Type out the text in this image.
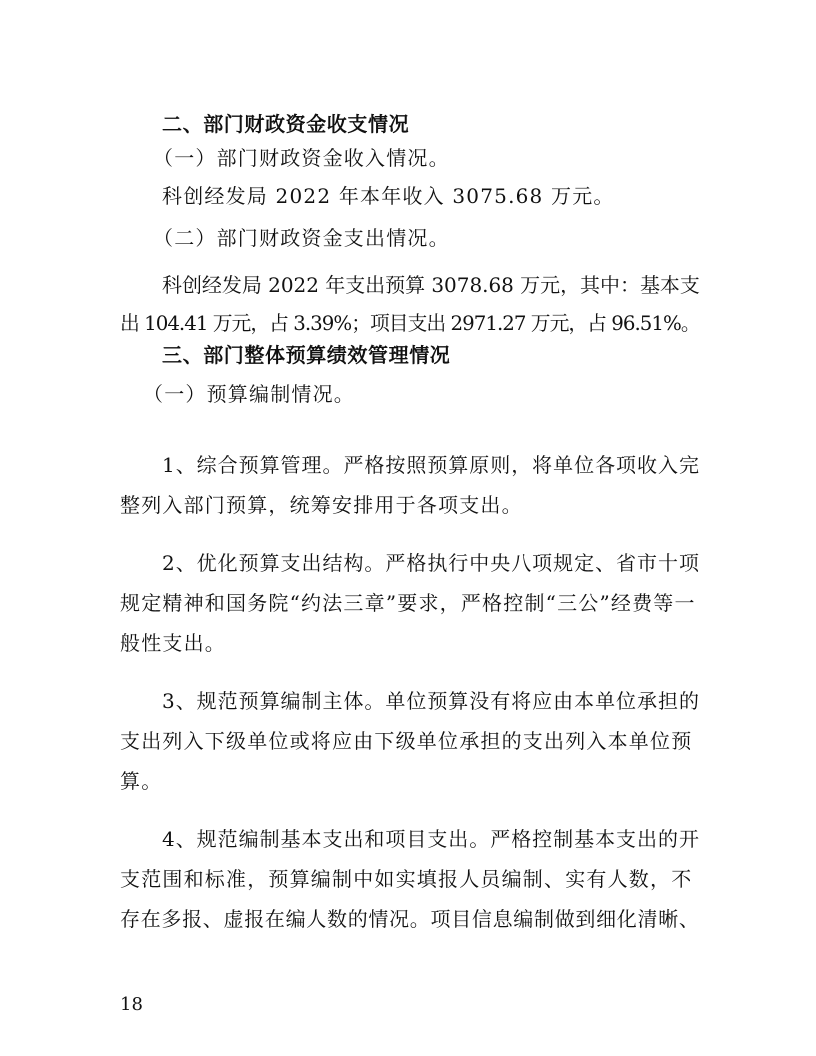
二、部门财政资金收支情况

（一）部门财政资金收入情况。

科创经发局 2022 年本年收入 3075.68 万元。

（二）部门财政资金支出情况。

科创经发局 2022 年支出预算 3078.68 万元，其中：基本支

出 104.41 万元，占 3.39%；项目支出 2971.27 万元，占 96.51%。

三、部门整体预算绩效管理情况

（一）预算编制情况。

1、综合预算管理。严格按照预算原则，将单位各项收入完

整列入部门预算，统筹安排用于各项支出。

2、优化预算支出结构。严格执行中央八项规定、省市十项

规定精神和国务院“约法三章”要求，严格控制“三公”经费等一

般性支出。

3、规范预算编制主体。单位预算没有将应由本单位承担的

支出列入下级单位或将应由下级单位承担的支出列入本单位预

算。

4、规范编制基本支出和项目支出。严格控制基本支出的开

支范围和标准，预算编制中如实填报人员编制、实有人数，不

存在多报、虚报在编人数的情况。项目信息编制做到细化清晰、

18
